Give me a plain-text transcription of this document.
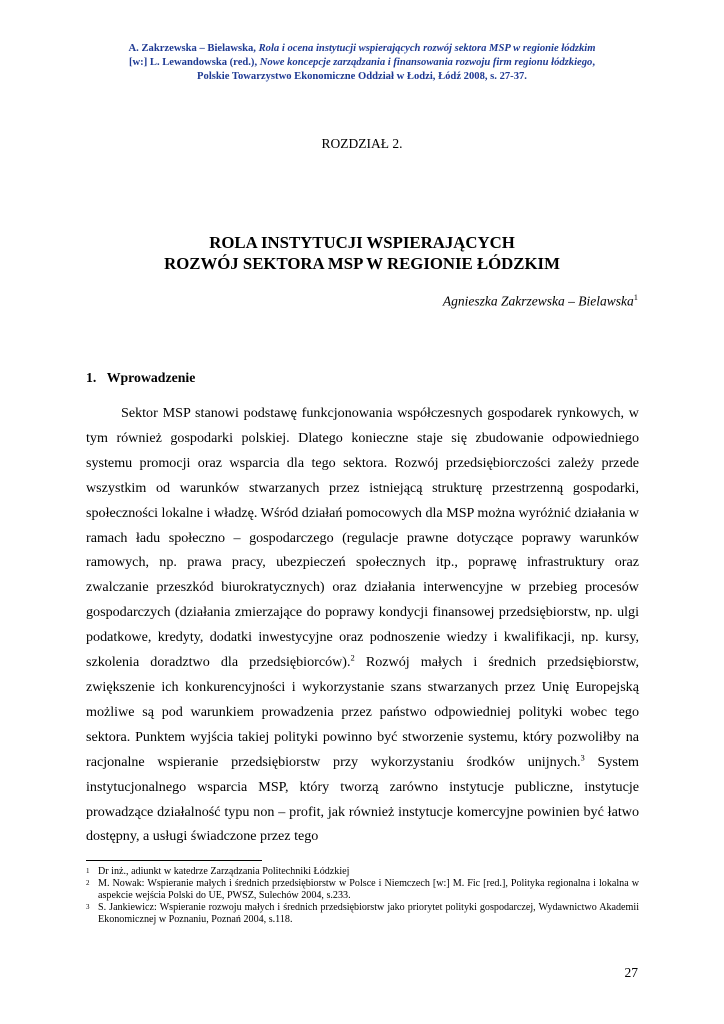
A. Zakrzewska – Bielawska, Rola i ocena instytucji wspierających rozwój sektora MSP w regionie łódzkim
[w:] L. Lewandowska (red.), Nowe koncepcje zarządzania i finansowania rozwoju firm regionu łódzkiego,
Polskie Towarzystwo Ekonomiczne Oddział w Łodzi, Łódź 2008, s. 27-37.
ROZDZIAŁ 2.
ROLA INSTYTUCJI WSPIERAJĄCYCH
ROZWÓJ SEKTORA MSP W REGIONIE ŁÓDZKIM
Agnieszka Zakrzewska – Bielawska$^1$
1.   Wprowadzenie

Sektor MSP stanowi podstawę funkcjonowania współczesnych gospodarek rynkowych, w tym również gospodarki polskiej. Dlatego konieczne staje się zbudowanie odpowiedniego systemu promocji oraz wsparcia dla tego sektora. Rozwój przedsiębiorczości zależy przede wszystkim od warunków stwarzanych przez istniejącą strukturę przestrzenną gospodarki, społeczności lokalne i władzę. Wśród działań pomocowych dla MSP można wyróżnić działania w ramach ładu społeczno – gospodarczego (regulacje prawne dotyczące poprawy warunków ramowych, np. prawa pracy, ubezpieczeń społecznych itp., poprawę infrastruktury oraz zwalczanie przeszkód biurokratycznych) oraz działania interwencyjne w przebieg procesów gospodarczych (działania zmierzające do poprawy kondycji finansowej przedsiębiorstw, np. ulgi podatkowe, kredyty, dodatki inwestycyjne oraz podnoszenie wiedzy i kwalifikacji, np. kursy, szkolenia doradztwo dla przedsiębiorców).$^2$ Rozwój małych i średnich przedsiębiorstw, zwiększenie ich konkurencyjności i wykorzystanie szans stwarzanych przez Unię Europejską możliwe są pod warunkiem prowadzenia przez państwo odpowiedniej polityki wobec tego sektora. Punktem wyjścia takiej polityki powinno być stworzenie systemu, który pozwoliłby na racjonalne wspieranie przedsiębiorstw przy wykorzystaniu środków unijnych.$^3$ System instytucjonalnego wsparcia MSP, który tworzą zarówno instytucje publiczne, instytucje prowadzące działalność typu non – profit, jak również instytucje komercyjne powinien być łatwo dostępny, a usługi świadczone przez tego

1 Dr inż., adiunkt w katedrze Zarządzania Politechniki Łódzkiej
2 M. Nowak: Wspieranie małych i średnich przedsiębiorstw w Polsce i Niemczech [w:] M. Fic [red.], Polityka regionalna i lokalna w aspekcie wejścia Polski do UE, PWSZ, Sulechów 2004, s.233.
3 S. Jankiewicz: Wspieranie rozwoju małych i średnich przedsiębiorstw jako priorytet polityki gospodarczej, Wydawnictwo Akademii Ekonomicznej w Poznaniu, Poznań 2004, s.118.
27
